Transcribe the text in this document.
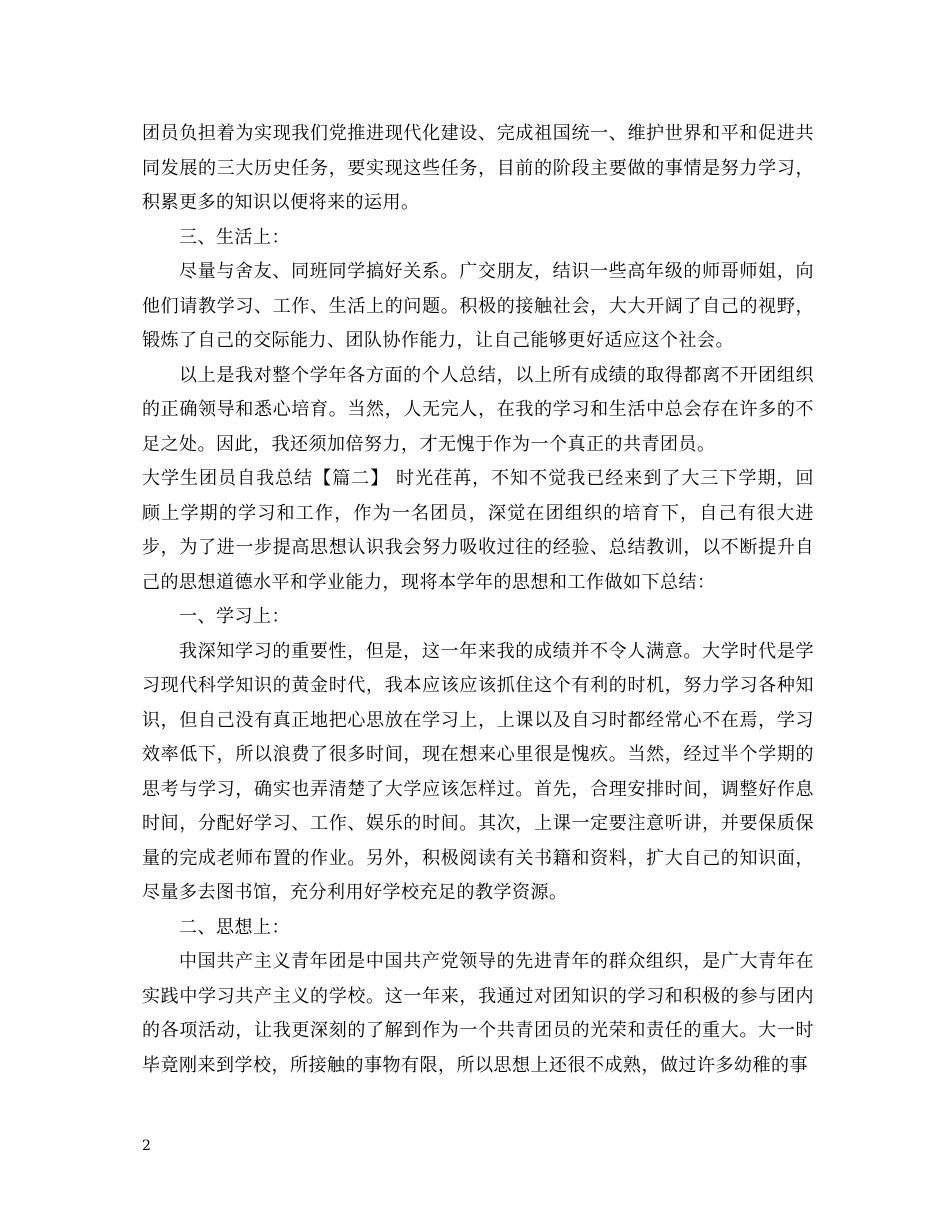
团员负担着为实现我们党推进现代化建设、完成祖国统一、维护世界和平和促进共同发展的三大历史任务，要实现这些任务，目前的阶段主要做的事情是努力学习，积累更多的知识以便将来的运用。

三、生活上：

尽量与舍友、同班同学搞好关系。广交朋友，结识一些高年级的师哥师姐，向他们请教学习、工作、生活上的问题。积极的接触社会，大大开阔了自己的视野，锻炼了自己的交际能力、团队协作能力，让自己能够更好适应这个社会。

以上是我对整个学年各方面的个人总结，以上所有成绩的取得都离不开团组织的正确领导和悉心培育。当然，人无完人，在我的学习和生活中总会存在许多的不足之处。因此，我还须加倍努力，才无愧于作为一个真正的共青团员。

大学生团员自我总结【篇二】 时光荏苒，不知不觉我已经来到了大三下学期，回顾上学期的学习和工作，作为一名团员，深觉在团组织的培育下，自己有很大进步，为了进一步提高思想认识我会努力吸收过往的经验、总结教训，以不断提升自己的思想道德水平和学业能力，现将本学年的思想和工作做如下总结：

一、学习上：

我深知学习的重要性，但是，这一年来我的成绩并不令人满意。大学时代是学习现代科学知识的黄金时代，我本应该应该抓住这个有利的时机，努力学习各种知识，但自己没有真正地把心思放在学习上，上课以及自习时都经常心不在焉，学习效率低下，所以浪费了很多时间，现在想来心里很是愧疚。当然，经过半个学期的思考与学习，确实也弄清楚了大学应该怎样过。首先，合理安排时间，调整好作息时间，分配好学习、工作、娱乐的时间。其次，上课一定要注意听讲，并要保质保量的完成老师布置的作业。另外，积极阅读有关书籍和资料，扩大自己的知识面，尽量多去图书馆，充分利用好学校充足的教学资源。

二、思想上：

中国共产主义青年团是中国共产党领导的先进青年的群众组织，是广大青年在实践中学习共产主义的学校。这一年来，我通过对团知识的学习和积极的参与团内的各项活动，让我更深刻的了解到作为一个共青团员的光荣和责任的重大。大一时毕竟刚来到学校，所接触的事物有限，所以思想上还很不成熟，做过许多幼稚的事

2
